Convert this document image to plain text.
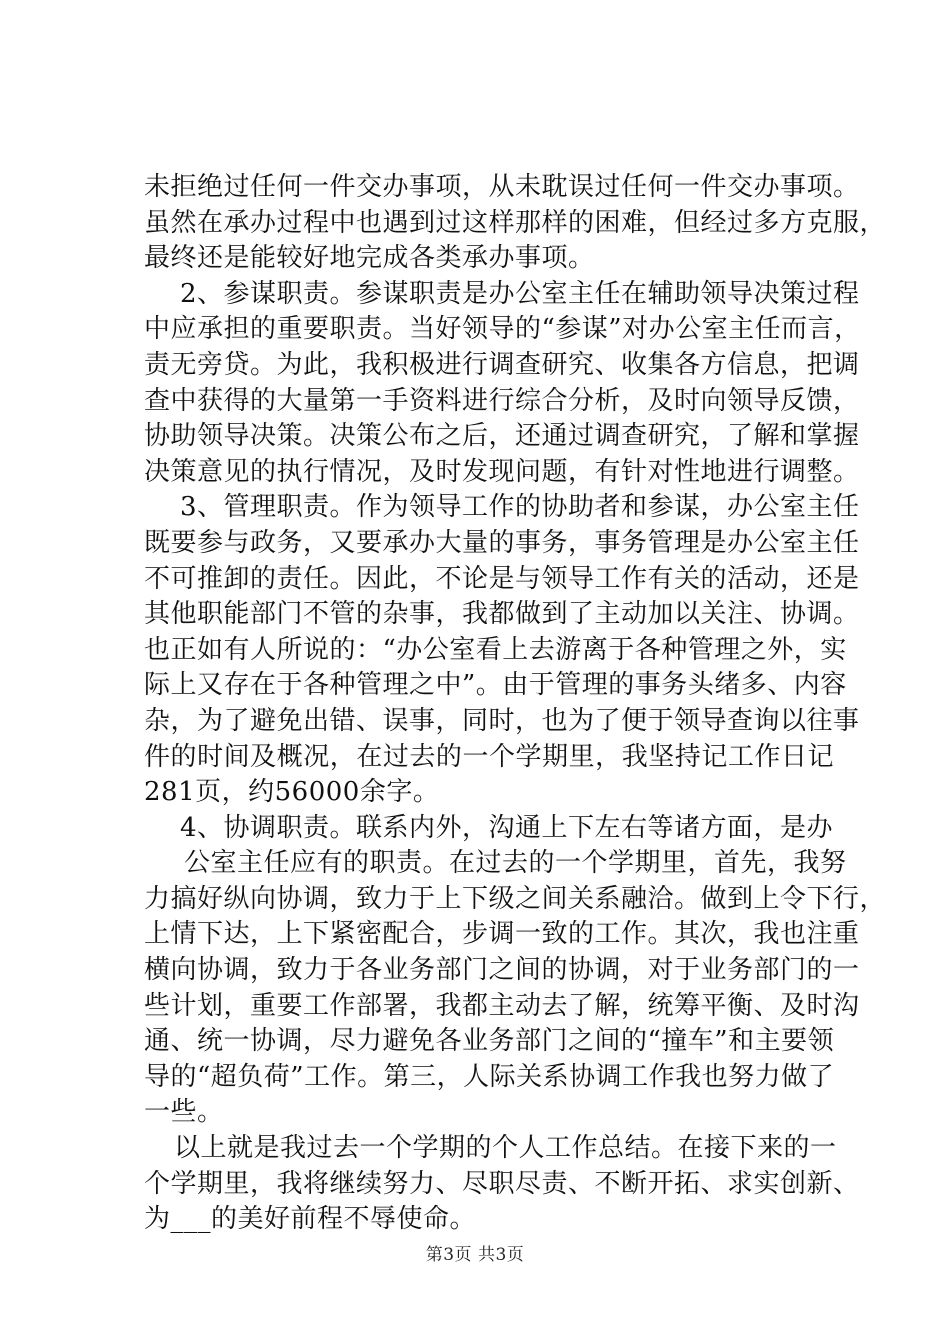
未拒绝过任何一件交办事项，从未耽误过任何一件交办事项。
虽然在承办过程中也遇到过这样那样的困难，但经过多方克服，
最终还是能较好地完成各类承办事项。
2、参谋职责。参谋职责是办公室主任在辅助领导决策过程
中应承担的重要职责。当好领导的“参谋”对办公室主任而言，
责无旁贷。为此，我积极进行调查研究、收集各方信息，把调
查中获得的大量第一手资料进行综合分析，及时向领导反馈，
协助领导决策。决策公布之后，还通过调查研究，了解和掌握
决策意见的执行情况，及时发现问题，有针对性地进行调整。
3、管理职责。作为领导工作的协助者和参谋，办公室主任
既要参与政务，又要承办大量的事务，事务管理是办公室主任
不可推卸的责任。因此，不论是与领导工作有关的活动，还是
其他职能部门不管的杂事，我都做到了主动加以关注、协调。
也正如有人所说的：“办公室看上去游离于各种管理之外，实
际上又存在于各种管理之中”。由于管理的事务头绪多、内容
杂，为了避免出错、误事，同时，也为了便于领导查询以往事
件的时间及概况，在过去的一个学期里，我坚持记工作日记
281页，约56000余字。
4、协调职责。联系内外，沟通上下左右等诸方面，是办
公室主任应有的职责。在过去的一个学期里，首先，我努
力搞好纵向协调，致力于上下级之间关系融洽。做到上令下行，
上情下达，上下紧密配合，步调一致的工作。其次，我也注重
横向协调，致力于各业务部门之间的协调，对于业务部门的一
些计划，重要工作部署，我都主动去了解，统筹平衡、及时沟
通、统一协调，尽力避免各业务部门之间的“撞车”和主要领
导的“超负荷”工作。第三，人际关系协调工作我也努力做了
一些。
以上就是我过去一个学期的个人工作总结。在接下来的一
个学期里，我将继续努力、尽职尽责、不断开拓、求实创新、
为___的美好前程不辱使命。
第3页 共3页
